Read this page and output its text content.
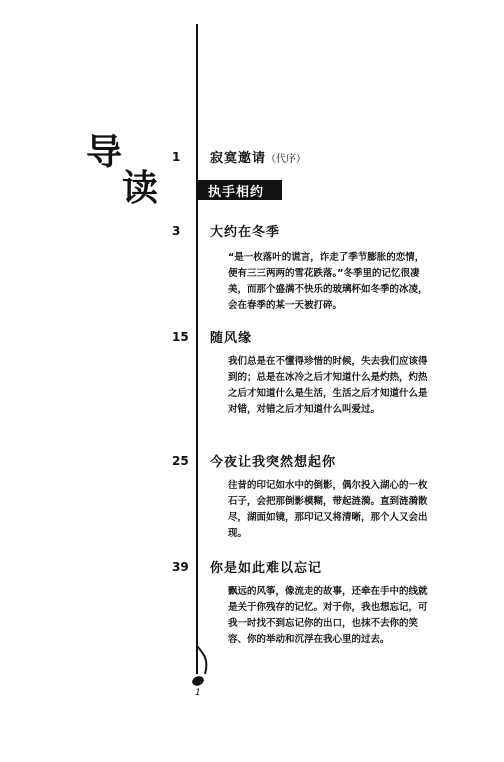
导
读
1 寂寞邀请（代序）
执手相约
3 大约在冬季
“是一枚落叶的谎言，诈走了季节膨胀的恋情，便有三三两两的雪花跌落。”冬季里的记忆很凄美，而那个盛满不快乐的玻璃杯如冬季的冰凌，会在春季的某一天被打碎。
15 随风缘
我们总是在不懂得珍惜的时候，失去我们应该得到的；总是在冰冷之后才知道什么是灼热，灼热之后才知道什么是生活，生活之后才知道什么是对错，对错之后才知道什么叫爱过。
25 今夜让我突然想起你
往昔的印记如水中的倒影，偶尔投入湖心的一枚石子，会把那倒影模糊，带起涟漪。直到涟漪散尽，湖面如镜，那印记又将清晰，那个人又会出现。
39 你是如此难以忘记
飘远的风筝，像流走的故事，还牵在手中的线就是关于你残存的记忆。对于你，我也想忘记，可我一时找不到忘记你的出口，也抹不去你的笑容、你的举动和沉浮在我心里的过去。
1
